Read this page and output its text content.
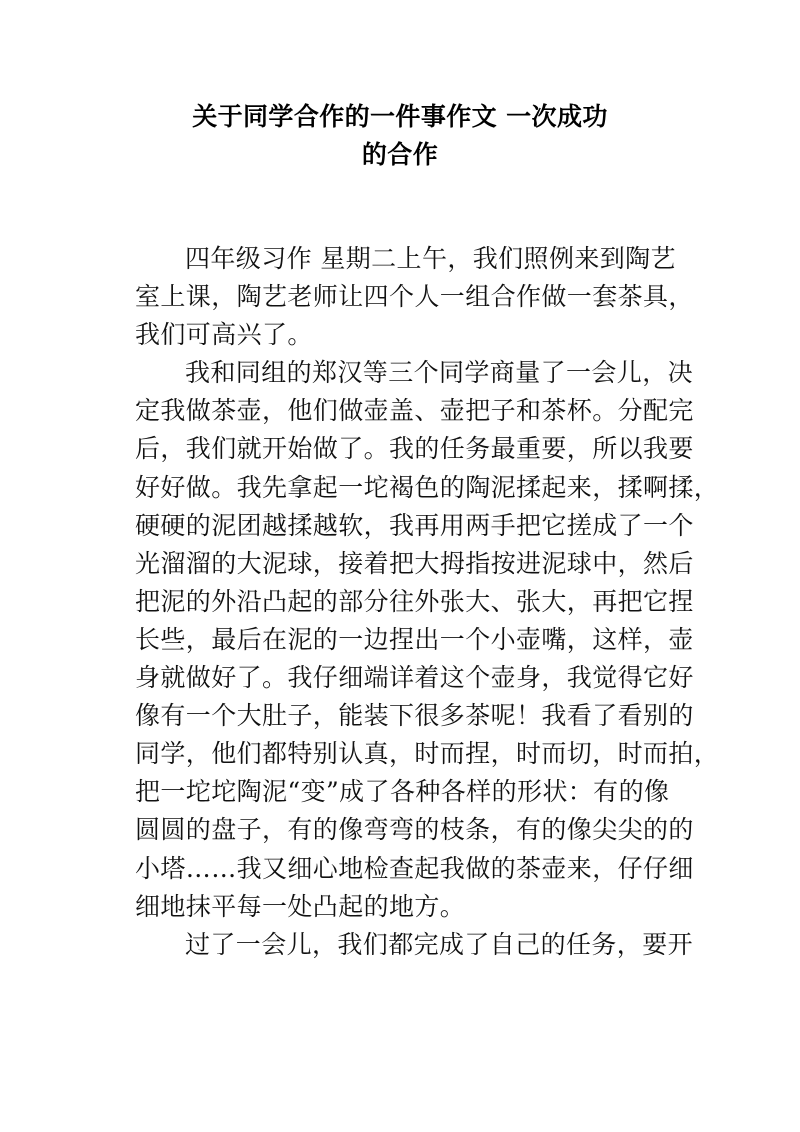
关于同学合作的一件事作文 一次成功
的合作

四年级习作 星期二上午，我们照例来到陶艺
室上课，陶艺老师让四个人一组合作做一套茶具，
我们可高兴了。

我和同组的郑汉等三个同学商量了一会儿，决
定我做茶壶，他们做壶盖、壶把子和茶杯。分配完
后，我们就开始做了。我的任务最重要，所以我要
好好做。我先拿起一坨褐色的陶泥揉起来，揉啊揉，
硬硬的泥团越揉越软，我再用两手把它搓成了一个
光溜溜的大泥球，接着把大拇指按进泥球中，然后
把泥的外沿凸起的部分往外张大、张大，再把它捏
长些，最后在泥的一边捏出一个小壶嘴，这样，壶
身就做好了。我仔细端详着这个壶身，我觉得它好
像有一个大肚子，能装下很多茶呢！我看了看别的
同学，他们都特别认真，时而捏，时而切，时而拍，
把一坨坨陶泥“变”成了各种各样的形状：有的像
圆圆的盘子，有的像弯弯的枝条，有的像尖尖的的
小塔……我又细心地检查起我做的茶壶来，仔仔细
细地抹平每一处凸起的地方。

过了一会儿，我们都完成了自己的任务，要开
